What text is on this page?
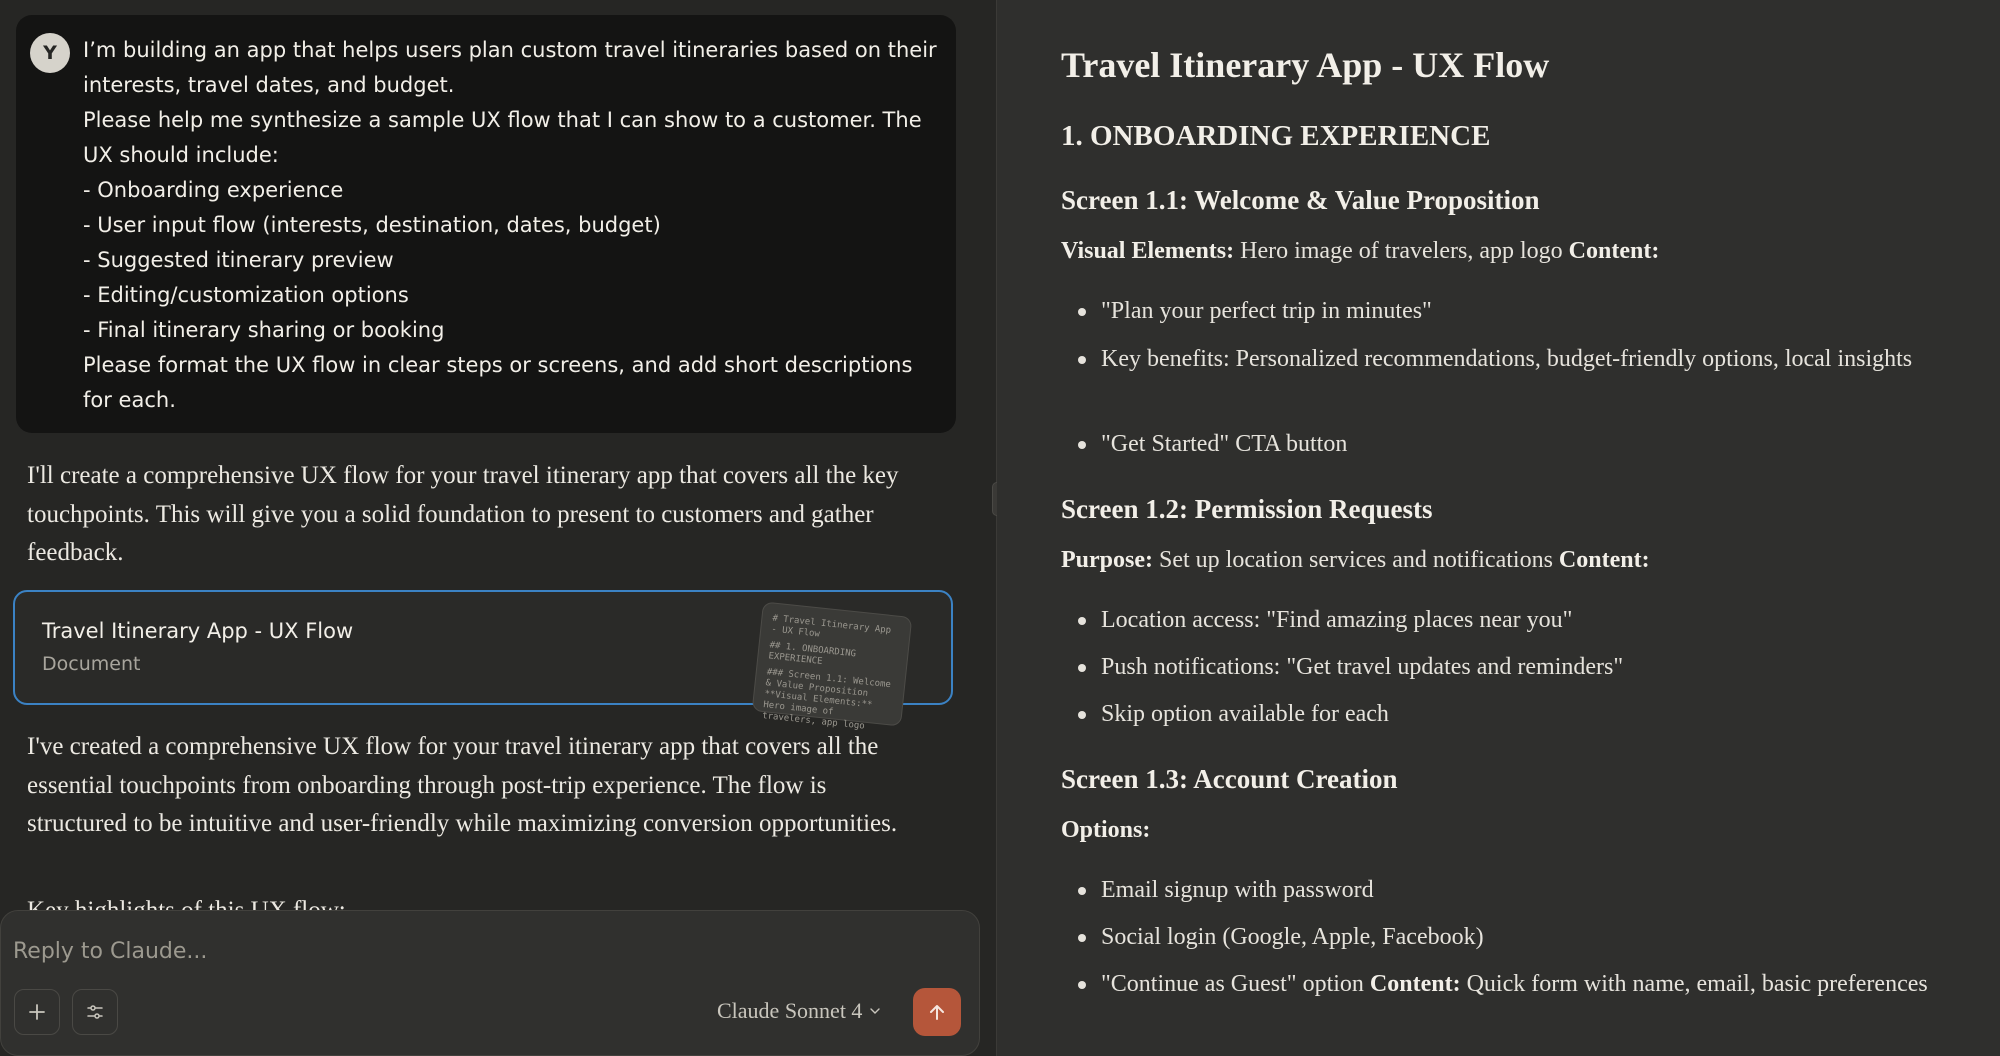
Y	I’m building an app that helps users plan custom travel itineraries based on their
interests, travel dates, and budget.
Please help me synthesize a sample UX flow that I can show to a customer. The
UX should include:
- Onboarding experience
- User input flow (interests, destination, dates, budget)
- Suggested itinerary preview
- Editing/customization options
- Final itinerary sharing or booking
Please format the UX flow in clear steps or screens, and add short descriptions
for each.

I'll create a comprehensive UX flow for your travel itinerary app that covers all the key touchpoints. This will give you a solid foundation to present to customers and gather feedback.

Travel Itinerary App - UX Flow
Document
# Travel Itinerary App - UX Flow
## 1. ONBOARDING EXPERIENCE
### Screen 1.1: Welcome & Value Proposition **Visual Elements:** Hero image of travelers, app logo

I've created a comprehensive UX flow for your travel itinerary app that covers all the essential touchpoints from onboarding through post-trip experience. The flow is structured to be intuitive and user-friendly while maximizing conversion opportunities.

Reply to Claude...
Claude Sonnet 4
Travel Itinerary App - UX Flow
1. ONBOARDING EXPERIENCE
Screen 1.1: Welcome & Value Proposition
Visual Elements: Hero image of travelers, app logo Content:
"Plan your perfect trip in minutes"
Key benefits: Personalized recommendations, budget-friendly options, local insights
"Get Started" CTA button
Screen 1.2: Permission Requests
Purpose: Set up location services and notifications Content:
Location access: "Find amazing places near you"
Push notifications: "Get travel updates and reminders"
Skip option available for each
Screen 1.3: Account Creation
Options:
Email signup with password
Social login (Google, Apple, Facebook)
"Continue as Guest" option Content: Quick form with name, email, basic preferences
